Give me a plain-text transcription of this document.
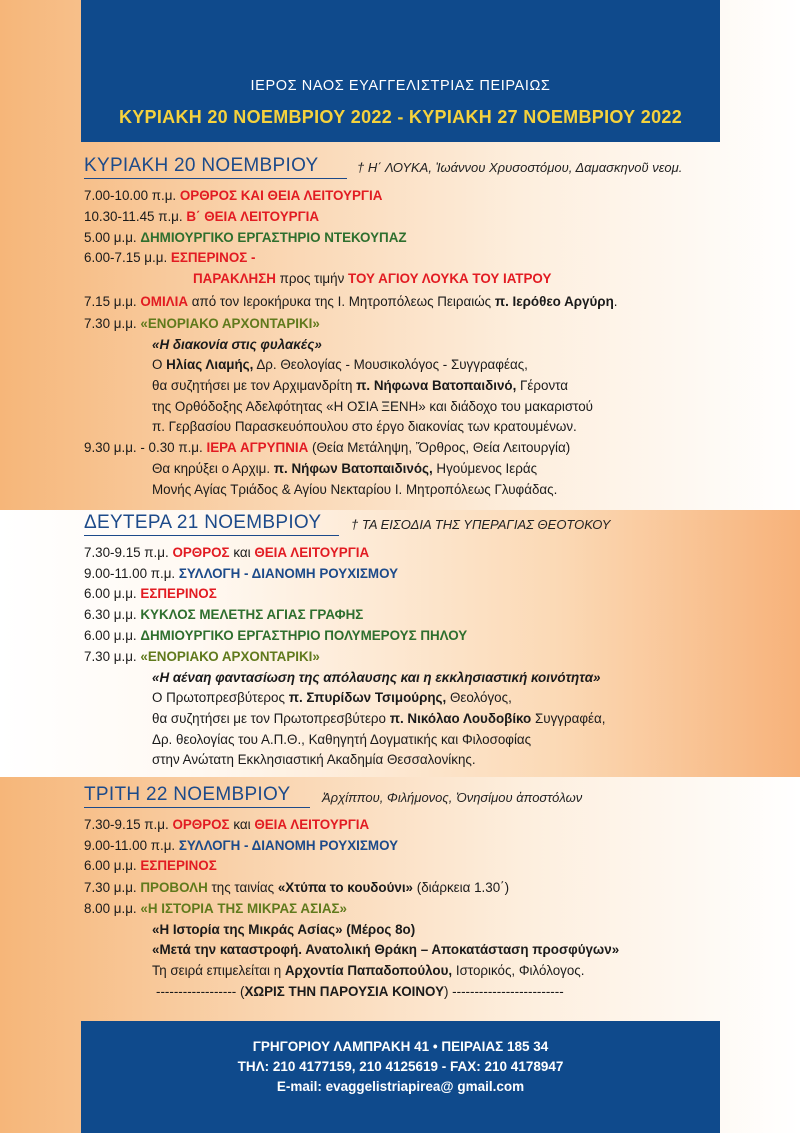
ΙΕΡΟΣ ΝΑΟΣ ΕΥΑΓΓΕΛΙΣΤΡΙΑΣ ΠΕΙΡΑΙΩΣ
ΚΥΡΙΑΚΗ 20 ΝΟΕΜΒΡΙΟΥ 2022 - ΚΥΡΙΑΚΗ 27 ΝΟΕΜΒΡΙΟΥ 2022
ΚΥΡΙΑΚΗ 20 ΝΟΕΜΒΡΙΟΥ	† Η΄ ΛΟΥΚΑ, Ἰωάννου Χρυσοστόμου, Δαμασκηνοῦ νεομ.
7.00-10.00 π.μ. ΟΡΘΡΟΣ ΚΑΙ ΘΕΙΑ ΛΕΙΤΟΥΡΓΙΑ
10.30-11.45 π.μ. Β΄ ΘΕΙΑ ΛΕΙΤΟΥΡΓΙΑ
5.00 μ.μ. ΔΗΜΙΟΥΡΓΙΚΟ ΕΡΓΑΣΤΗΡΙΟ ΝΤΕΚΟΥΠΑΖ
6.00-7.15 μ.μ. ΕΣΠΕΡΙΝΟΣ -
ΠΑΡΑΚΛΗΣΗ προς τιμήν ΤΟΥ ΑΓΙΟΥ ΛΟΥΚΑ ΤΟΥ ΙΑΤΡΟΥ
7.15 μ.μ. ΟΜΙΛΙΑ από τον Ιεροκήρυκα της Ι. Μητροπόλεως Πειραιώς π. Ιερόθεο Αργύρη.
7.30 μ.μ. «ΕΝΟΡΙΑΚΟ ΑΡΧΟΝΤΑΡΙΚΙ»
«Η διακονία στις φυλακές»
Ο Ηλίας Λιαμής, Δρ. Θεολογίας - Μουσικολόγος - Συγγραφέας,
θα συζητήσει με τον Αρχιμανδρίτη π. Νήφωνα Βατοπαιδινό, Γέροντα
της Ορθόδοξης Αδελφότητας «Η ΟΣΙΑ ΞΕΝΗ» και διάδοχο του μακαριστού
π. Γερβασίου Παρασκευόπουλου στο έργο διακονίας των κρατουμένων.
9.30 μ.μ. - 0.30 π.μ. ΙΕΡΑ ΑΓΡΥΠΝΙΑ (Θεία Μετάληψη, Ὄρθρος, Θεία Λειτουργία)
Θα κηρύξει ο Αρχιμ. π. Νήφων Βατοπαιδινός, Ηγούμενος Ιεράς
Μονής Αγίας Τριάδος & Αγίου Νεκταρίου Ι. Μητροπόλεως Γλυφάδας.
ΔΕΥΤΕΡΑ 21 ΝΟΕΜΒΡΙΟΥ † ΤΑ ΕΙΣΟΔΙΑ ΤΗΣ ΥΠΕΡΑΓΙΑΣ ΘΕΟΤΟΚΟΥ
7.30-9.15 π.μ. ΟΡΘΡΟΣ και ΘΕΙΑ ΛΕΙΤΟΥΡΓΙΑ
9.00-11.00 π.μ. ΣΥΛΛΟΓΗ - ΔΙΑΝΟΜΗ ΡΟΥΧΙΣΜΟΥ
6.00 μ.μ. ΕΣΠΕΡΙΝΟΣ
6.30 μ.μ. ΚΥΚΛΟΣ ΜΕΛΕΤΗΣ ΑΓΙΑΣ ΓΡΑΦΗΣ
6.00 μ.μ. ΔΗΜΙΟΥΡΓΙΚΟ ΕΡΓΑΣΤΗΡΙΟ ΠΟΛΥΜΕΡΟΥΣ ΠΗΛΟΥ
7.30 μ.μ. «ΕΝΟΡΙΑΚΟ ΑΡΧΟΝΤΑΡΙΚΙ»
«Η αέναη φαντασίωση της απόλαυσης και η εκκλησιαστική κοινότητα»
Ο Πρωτοπρεσβύτερος π. Σπυρίδων Τσιμούρης, Θεολόγος,
θα συζητήσει με τον Πρωτοπρεσβύτερο π. Νικόλαο Λουδοβίκο Συγγραφέα,
Δρ. θεολογίας του Α.Π.Θ., Καθηγητή Δογματικής και Φιλοσοφίας
στην Ανώτατη Εκκλησιαστική Ακαδημία Θεσσαλονίκης.
ΤΡΙΤΗ 22 ΝΟΕΜΒΡΙΟΥ Ἀρχίππου, Φιλήμονος, Ὀνησίμου ἀποστόλων
7.30-9.15 π.μ. ΟΡΘΡΟΣ και ΘΕΙΑ ΛΕΙΤΟΥΡΓΙΑ
9.00-11.00 π.μ. ΣΥΛΛΟΓΗ - ΔΙΑΝΟΜΗ ΡΟΥΧΙΣΜΟΥ
6.00 μ.μ. ΕΣΠΕΡΙΝΟΣ
7.30 μ.μ. ΠΡΟΒΟΛΗ της ταινίας «Χτύπα το κουδούνι» (διάρκεια 1.30΄)
8.00 μ.μ. «Η ΙΣΤΟΡΙΑ ΤΗΣ ΜΙΚΡΑΣ ΑΣΙΑΣ»
«Η Ιστορία της Μικράς Ασίας» (Μέρος 8ο)
«Μετά την καταστροφή. Ανατολική Θράκη – Αποκατάσταση προσφύγων»
Τη σειρά επιμελείται η Αρχοντία Παπαδοπούλου, Ιστορικός, Φιλόλογος.
------------------ (ΧΩΡΙΣ ΤΗΝ ΠΑΡΟΥΣΙΑ ΚΟΙΝΟΥ) -------------------------
ΓΡΗΓΟΡΙΟΥ ΛΑΜΠΡΑΚΗ 41 • ΠΕΙΡΑΙΑΣ 185 34
ΤΗΛ: 210 4177159, 210 4125619 - FAX: 210 4178947
E-mail: evaggelistriapirea@ gmail.com
